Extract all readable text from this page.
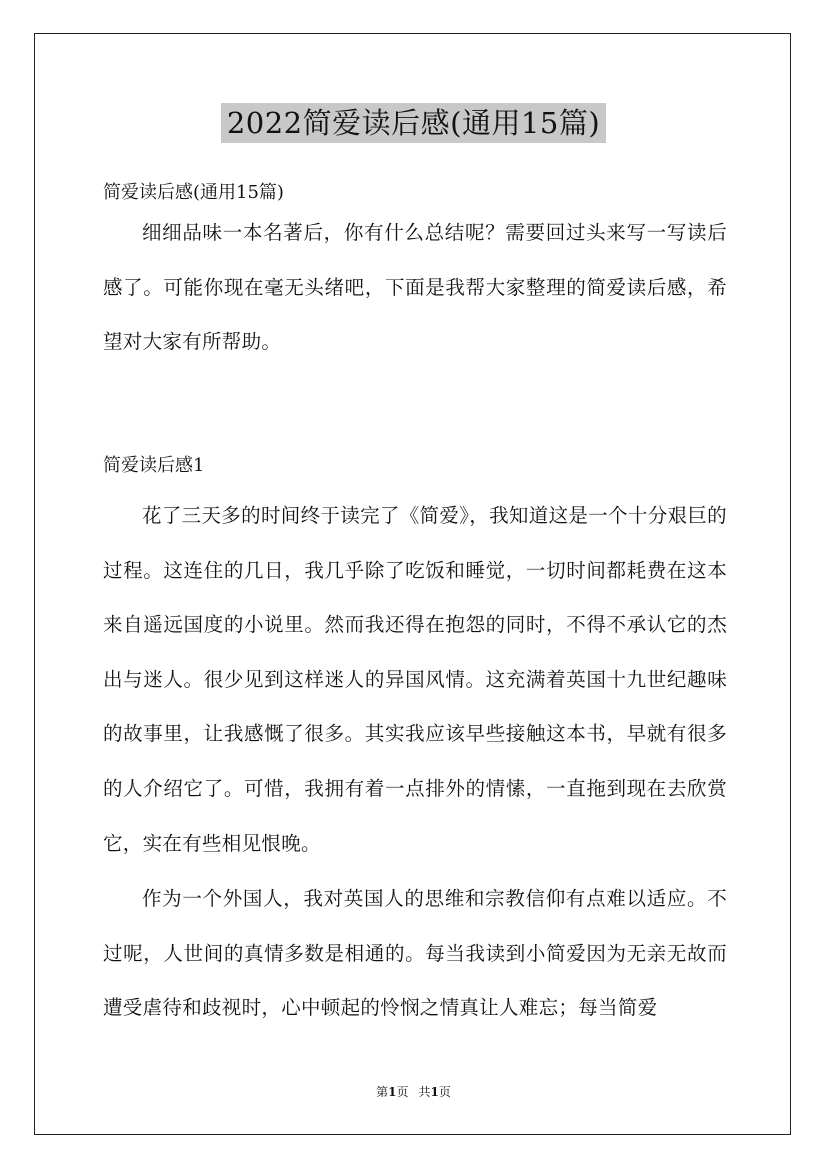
2022简爱读后感(通用15篇)
简爱读后感(通用15篇)

细细品味一本名著后，你有什么总结呢？需要回过头来写一写读后感了。可能你现在毫无头绪吧，下面是我帮大家整理的简爱读后感，希望对大家有所帮助。

简爱读后感1

花了三天多的时间终于读完了《简爱》，我知道这是一个十分艰巨的过程。这连住的几日，我几乎除了吃饭和睡觉，一切时间都耗费在这本来自遥远国度的小说里。然而我还得在抱怨的同时，不得不承认它的杰出与迷人。很少见到这样迷人的异国风情。这充满着英国十九世纪趣味的故事里，让我感慨了很多。其实我应该早些接触这本书，早就有很多的人介绍它了。可惜，我拥有着一点排外的情愫，一直拖到现在去欣赏它，实在有些相见恨晚。

作为一个外国人，我对英国人的思维和宗教信仰有点难以适应。不过呢，人世间的真情多数是相通的。每当我读到小简爱因为无亲无故而遭受虐待和歧视时，心中顿起的怜悯之情真让人难忘；每当简爱

第1页 共1页
